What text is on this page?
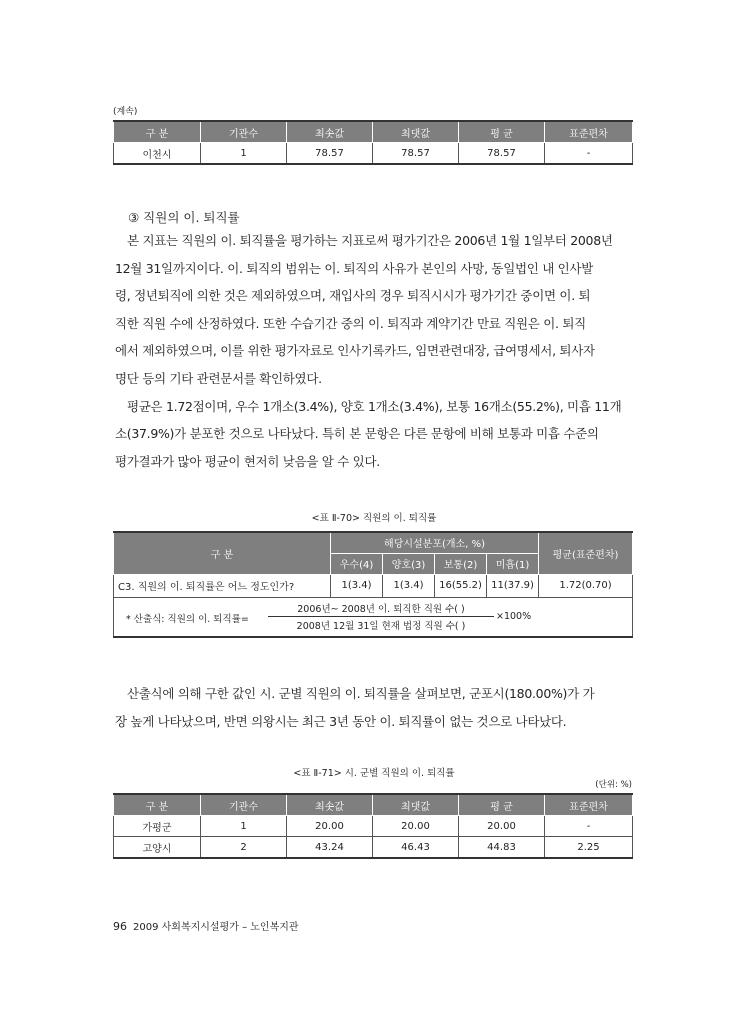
(계속)
구 분	기관수	최솟값	최댓값	평 균	표준편차
이천시	1	78.57	78.57	78.57	-
③ 직원의 이. 퇴직률

본 지표는 직원의 이. 퇴직률을 평가하는 지표로써 평가기간은 2006년 1월 1일부터 2008년

12월 31일까지이다. 이. 퇴직의 범위는 이. 퇴직의 사유가 본인의 사망, 동일법인 내 인사발

령, 정년퇴직에 의한 것은 제외하였으며, 재입사의 경우 퇴직시시가 평가기간 중이면 이. 퇴

직한 직원 수에 산정하였다. 또한 수습기간 중의 이. 퇴직과 계약기간 만료 직원은 이. 퇴직

에서 제외하였으며, 이를 위한 평가자료로 인사기록카드, 임면관련대장, 급여명세서, 퇴사자

명단 등의 기타 관련문서를 확인하였다.

평균은 1.72점이며, 우수 1개소(3.4%), 양호 1개소(3.4%), 보통 16개소(55.2%), 미흡 11개

소(37.9%)가 분포한 것으로 나타났다. 특히 본 문항은 다른 문항에 비해 보통과 미흡 수준의

평가결과가 많아 평균이 현저히 낮음을 알 수 있다.

<표 Ⅱ-70> 직원의 이. 퇴직률
구 분	해당시설분포(개소, %)				평균(표준편차)
	우수(4)	양호(3)	보통(2)	미흡(1)	
C3. 직원의 이. 퇴직률은 어느 정도인가?	1(3.4)	1(3.4)	16(55.2)	11(37.9)	1.72(0.70)

* 산출식: 직원의 이. 퇴직률=
2006년~ 2008년 이. 퇴직한 직원 수( )
2008년 12월 31일 현재 법정 직원 수( )
×100%					

산출식에 의해 구한 값인 시. 군별 직원의 이. 퇴직률을 살펴보면, 군포시(180.00%)가 가

장 높게 나타났으며, 반면 의왕시는 최근 3년 동안 이. 퇴직률이 없는 것으로 나타났다.

<표 Ⅱ-71> 시. 군별 직원의 이. 퇴직률
(단위: %)
구 분	기관수	최솟값	최댓값	평 균	표준편차
가평군	1	20.00	20.00	20.00	-
고양시	2	43.24	46.43	44.83	2.25
96 2009 사회복지시설평가 – 노인복지관
